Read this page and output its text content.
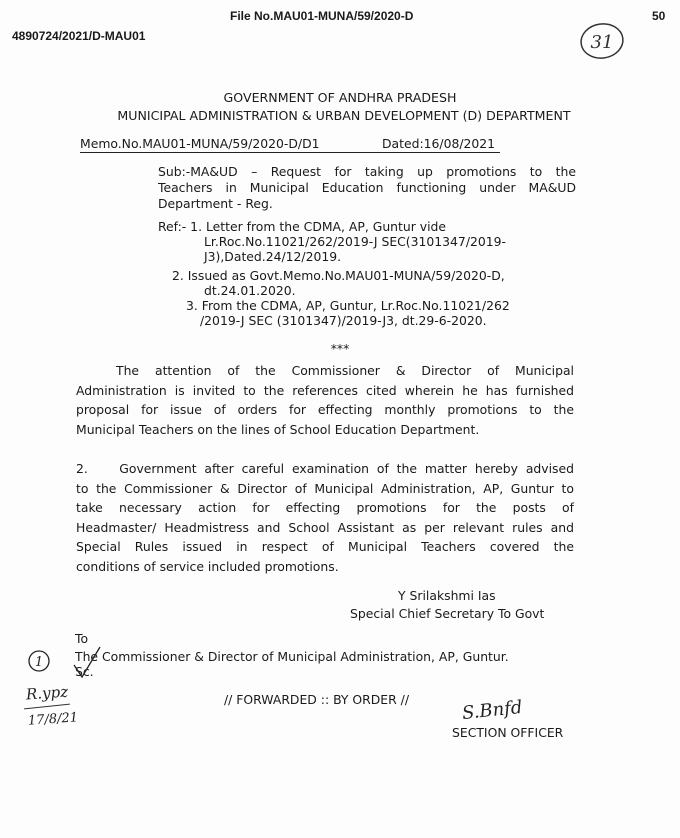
File No.MAU01-MUNA/59/2020-D	50
4890724/2021/D-MAU01	31
GOVERNMENT OF ANDHRA PRADESH
MUNICIPAL ADMINISTRATION & URBAN DEVELOPMENT (D) DEPARTMENT
Memo.No.MAU01-MUNA/59/2020-D/D1	Dated:16/08/2021
Sub:-MA&UD – Request for taking up promotions to the
Teachers in Municipal Education functioning under MA&UD
Department - Reg.
Ref:- 1. Letter from the CDMA, AP, Guntur vide
Lr.Roc.No.11021/262/2019-J SEC(3101347/2019-
J3),Dated.24/12/2019.
2. Issued as Govt.Memo.No.MAU01-MUNA/59/2020-D,
dt.24.01.2020.
3. From the CDMA, AP, Guntur, Lr.Roc.No.11021/262
/2019-J SEC (3101347)/2019-J3, dt.29-6-2020.
***
The attention of the Commissioner & Director of Municipal
Administration is invited to the references cited wherein he has furnished
proposal for issue of orders for effecting monthly promotions to the
Municipal Teachers on the lines of School Education Department.
2.    Government after careful examination of the matter hereby advised
to the Commissioner & Director of Municipal Administration, AP, Guntur to
take necessary action for effecting promotions for the posts of
Headmaster/ Headmistress and School Assistant as per relevant rules and
Special Rules issued in respect of Municipal Teachers covered the
conditions of service included promotions.
Y Srilakshmi Ias
Special Chief Secretary To Govt
To
The Commissioner & Director of Municipal Administration, AP, Guntur.
Sc.
1
R.ypz
17/8/21
// FORWARDED :: BY ORDER //	S.Bnfd
SECTION OFFICER
